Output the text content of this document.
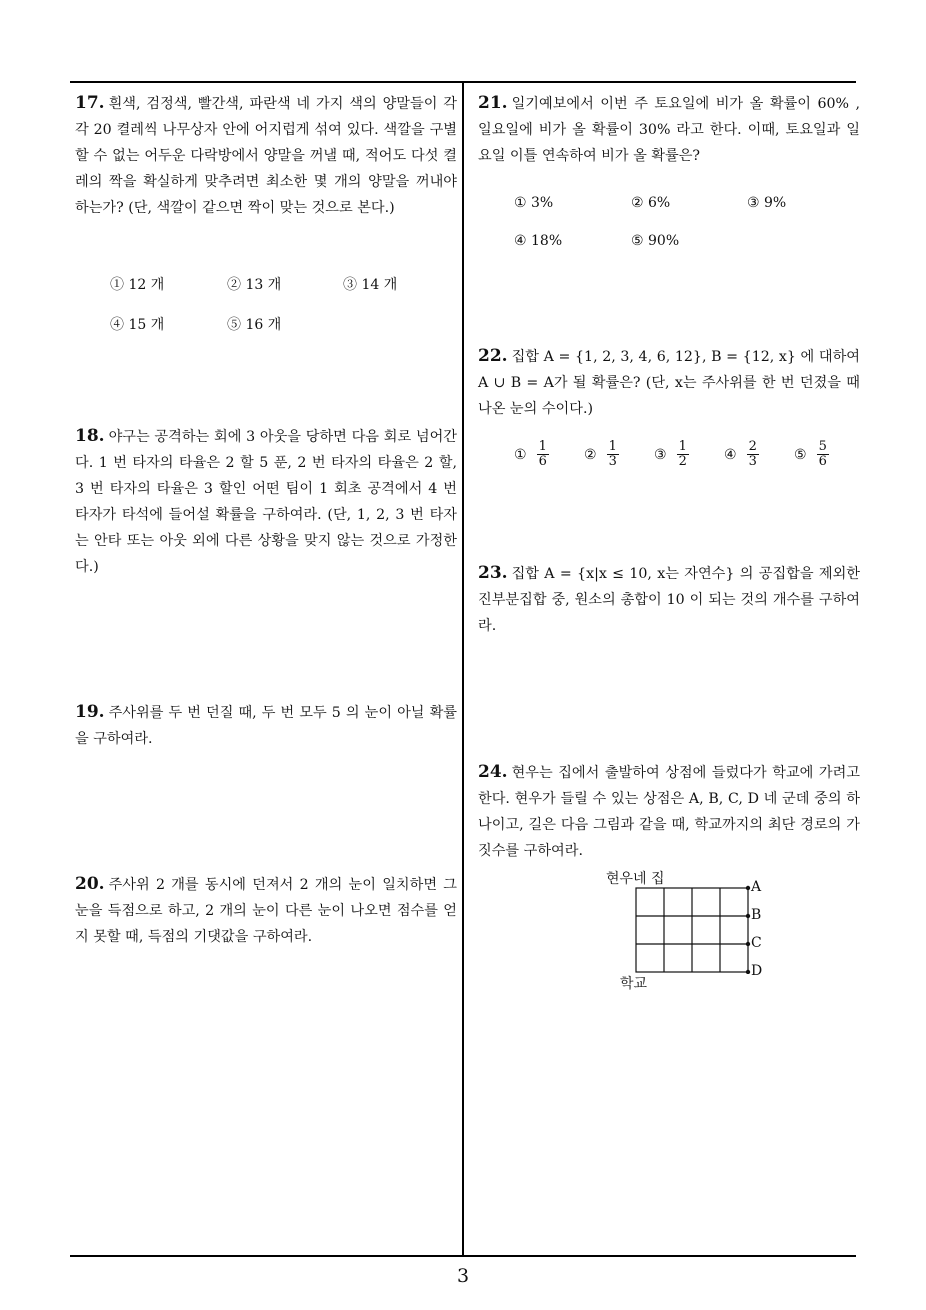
17. 흰색, 검정색, 빨간색, 파란색 네 가지 색의 양말들이 각각 20 켤레씩 나무상자 안에 어지럽게 섞여 있다. 색깔을 구별할 수 없는 어두운 다락방에서 양말을 꺼낼 때, 적어도 다섯 켤레의 짝을 확실하게 맞추려면 최소한 몇 개의 양말을 꺼내야 하는가? (단, 색깔이 같으면 짝이 맞는 것으로 본다.)
① 12 개	② 13 개	③ 14 개
④ 15 개	⑤ 16 개
18. 야구는 공격하는 회에 3 아웃을 당하면 다음 회로 넘어간다. 1 번 타자의 타율은 2 할 5 푼, 2 번 타자의 타율은 2 할, 3 번 타자의 타율은 3 할인 어떤 팀이 1 회초 공격에서 4 번 타자가 타석에 들어설 확률을 구하여라. (단, 1, 2, 3 번 타자는 안타 또는 아웃 외에 다른 상황을 맞지 않는 것으로 가정한다.)
19. 주사위를 두 번 던질 때, 두 번 모두 5 의 눈이 아닐 확률을 구하여라.
20. 주사위 2 개를 동시에 던져서 2 개의 눈이 일치하면 그 눈을 득점으로 하고, 2 개의 눈이 다른 눈이 나오면 점수를 얻지 못할 때, 득점의 기댓값을 구하여라.
21. 일기예보에서 이번 주 토요일에 비가 올 확률이 60% , 일요일에 비가 올 확률이 30% 라고 한다. 이때, 토요일과 일요일 이틀 연속하여 비가 올 확률은?
① 3%	② 6%	③ 9%
④ 18%	⑤ 90%
22. 집합 A = {1, 2, 3, 4, 6, 12}, B = {12, x} 에 대하여 A ∪ B = A가 될 확률은? (단, x는 주사위를 한 번 던졌을 때 나온 눈의 수이다.)
① $\frac{1}{6}$	② $\frac{1}{3}$	③ $\frac{1}{2}$	④ $\frac{2}{3}$	⑤ $\frac{5}{6}$
23. 집합 A = {x|x ≤ 10, x는 자연수} 의 공집합을 제외한 진부분집합 중, 원소의 총합이 10 이 되는 것의 개수를 구하여라.
24. 현우는 집에서 출발하여 상점에 들렀다가 학교에 가려고 한다. 현우가 들릴 수 있는 상점은 A, B, C, D 네 군데 중의 하나이고, 길은 다음 그림과 같을 때, 학교까지의 최단 경로의 가짓수를 구하여라.
현우네 집
학교
A
B
C
D
3
